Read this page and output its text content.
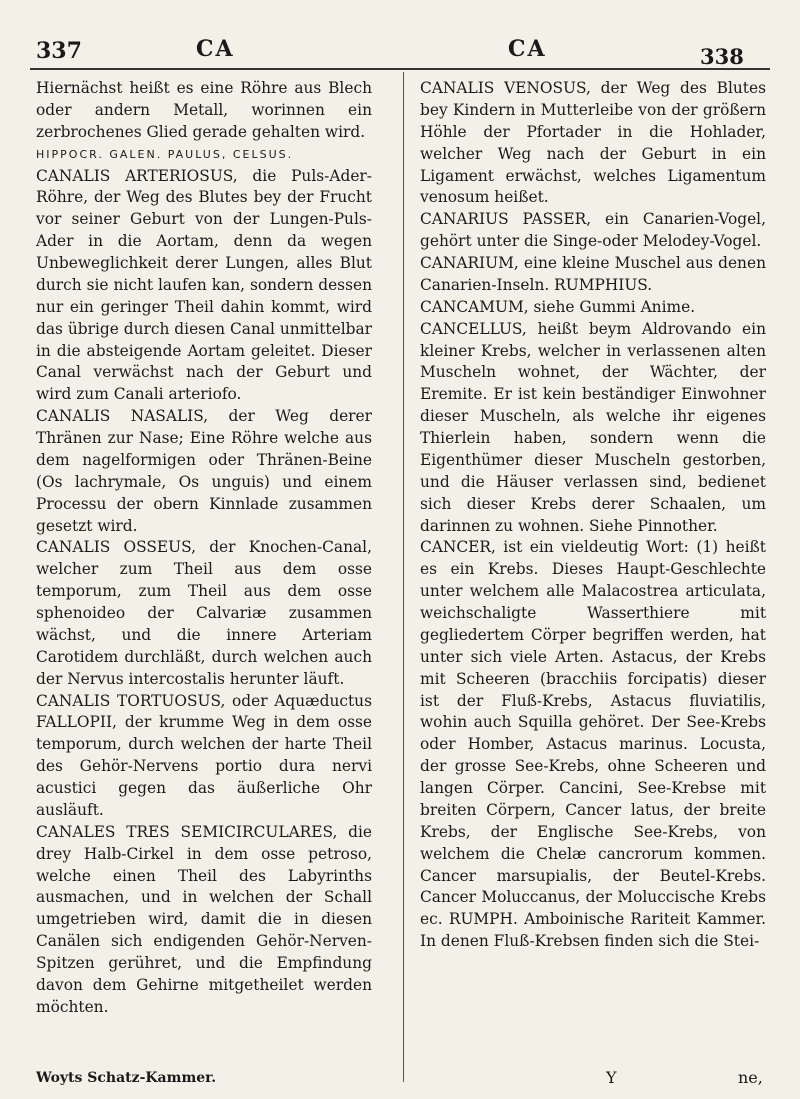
337	CA	CA	338

Hiernächst heißt es eine Röhre aus Blech oder andern Metall, worinnen ein zerbrochenes Glied gerade gehalten wird.

HIPPOCR. GALEN. PAULUS, CELSUS.

CANALIS ARTERIOSUS, die Puls-Ader-Röhre, der Weg des Blutes bey der Frucht vor seiner Geburt von der Lungen-Puls-Ader in die Aortam, denn da wegen Unbeweglichkeit derer Lungen, alles Blut durch sie nicht laufen kan, sondern dessen nur ein geringer Theil dahin kommt, wird das übrige durch diesen Canal unmittelbar in die absteigende Aortam geleitet. Dieser Canal verwächst nach der Geburt und wird zum Canali arteriofo.

CANALIS NASALIS, der Weg derer Thränen zur Nase; Eine Röhre welche aus dem nagelformigen oder Thränen-Beine (Os lachrymale, Os unguis) und einem Processu der obern Kinnlade zusammen gesetzt wird.

CANALIS OSSEUS, der Knochen-Canal, welcher zum Theil aus dem osse temporum, zum Theil aus dem osse sphenoideo der Calvariæ zusammen wächst, und die innere Arteriam Carotidem durchläßt, durch welchen auch der Nervus intercostalis herunter läuft.

CANALIS TORTUOSUS, oder Aquæductus FALLOPII, der krumme Weg in dem osse temporum, durch welchen der harte Theil des Gehör-Nervens portio dura nervi acustici gegen das äußerliche Ohr ausläuft.

CANALES TRES SEMICIRCULARES, die drey Halb-Cirkel in dem osse petroso, welche einen Theil des Labyrinths ausmachen, und in welchen der Schall umgetrieben wird, damit die in diesen Canälen sich endigenden Gehör-Nerven-Spitzen gerühret, und die Empfindung davon dem Gehirne mitgetheilet werden möchten.

CANALIS VENOSUS, der Weg des Blutes bey Kindern in Mutterleibe von der größern Höhle der Pfortader in die Hohlader, welcher Weg nach der Geburt in ein Ligament erwächst, welches Ligamentum venosum heißet.

CANARIUS PASSER, ein Canarien-Vogel, gehört unter die Singe-oder Melodey-Vogel.

CANARIUM, eine kleine Muschel aus denen Canarien-Inseln. RUMPHIUS.

CANCAMUM, siehe Gummi Anime.

CANCELLUS, heißt beym Aldrovando ein kleiner Krebs, welcher in verlassenen alten Muscheln wohnet, der Wächter, der Eremite. Er ist kein beständiger Einwohner dieser Muscheln, als welche ihr eigenes Thierlein haben, sondern wenn die Eigenthümer dieser Muscheln gestorben, und die Häuser verlassen sind, bedienet sich dieser Krebs derer Schaalen, um darinnen zu wohnen. Siehe Pinnother.

CANCER, ist ein vieldeutig Wort: (1) heißt es ein Krebs. Dieses Haupt-Geschlechte unter welchem alle Malacostrea articulata, weichschaligte Wasserthiere mit gegliedertem Cörper begriffen werden, hat unter sich viele Arten. Astacus, der Krebs mit Scheeren (bracchiis forcipatis) dieser ist der Fluß-Krebs, Astacus fluviatilis, wohin auch Squilla gehöret. Der See-Krebs oder Homber, Astacus marinus. Locusta, der grosse See-Krebs, ohne Scheeren und langen Cörper. Cancini, See-Krebse mit breiten Cörpern, Cancer latus, der breite Krebs, der Englische See-Krebs, von welchem die Chelæ cancrorum kommen. Cancer marsupialis, der Beutel-Krebs. Cancer Moluccanus, der Moluccische Krebs ec. RUMPH. Amboinische Rariteit Kammer. In denen Fluß-Krebsen finden sich die Stei-

Woyts Schatz-Kammer.	Y	ne,
